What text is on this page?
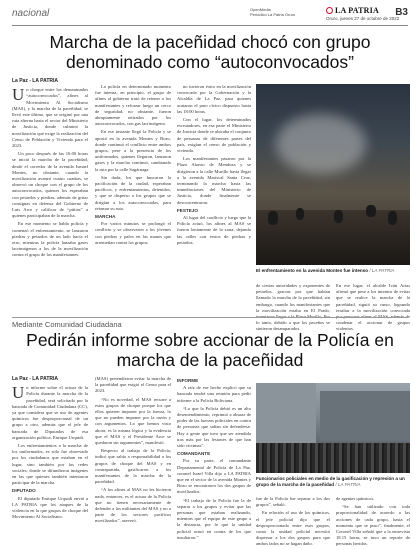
nacional	OpenMedia
Periódico La Patria Oruro	LA PATRIA
Oruro, jueves 27 de octubre de 2022
B3
Marcha de la paceñidad chocó con grupo denominado como “autoconvocados”
La Paz - LA PATRIA

Un choque entre los denominados “autoconvocados”, afines al Movimiento Al Socialismo (MAS), y la marcha de la paceñidad, se llevó este último, que se originó por una ruta alterna hasta el sector del Ministerio de Justicia, donde culminó la movilización que exige la realización del Censo de Población y Vivienda para el 2023.

Un poco después de las 16:00 horas se inició la marcha de la paceñidad, desde el corredor de la avenida Ismael Montes, no obstante, cuando la movilización avanzó cuatro cuadras, se observó un choque con el grupo de los autoconvocados, quienes los esperaban con petardos y piedras, además de gritar consignas en defensa del Gobierno de Luis Arce y calificar de “pititas” a quienes participaban de la marcha.

En ese momento se habla policía y comenzó el enfrentamiento, se lanzaron piedras y petardos de un lado hacia el otro, mientras la policía lanzaba gases lacrimógenos a los de la movilización contra el grupo de los manifestantes.

La policía en determinado momento fue intensa, en principio, el grupo de afines al gobierno trató de retener a los manifestantes y reforzar luego un cerco de seguridad, no obstante, fueron abruptamente retirados por los autoconvocados, con gas lacrimógeno.

En ese instante llegó la Policía y se apostó en la avenida Montes y Bozo, donde continuó el conflicto entre ambos grupos, pese a la presencia de los uniformados, quienes llegaron, lanzaron gases y la marcha continuó, cambiando la ruta por la calle Sagárnaga.

Sin duda, los que buscaron la pacificación de la ciudad, esperaban pacíficos, y enfrentamientos, detenidos, y que se disperso a los grupos que se dirigían a los autoconvocados, para retomar su ruta.

MARCHA

Por varios minutos se prolongó el conflicto y se observaron a los jóvenes con piedras y palos en las manos que arremetían contra los grupos.

no tuvieron éxito en la movilización convocada por la Gobernación y la Alcaldía de La Paz, para quienes acataron el paro cívico dispuesto hasta las 18:00 horas.

Con el lugar, los determinados escrutadores, en esa parte el Ministerio de Justicia donde se ubicaba el conjunto de personas de diferentes partes del país, exigían el censo de población y vivienda.

Los manifestantes pasaron por la Plaza Alonso de Mendoza y se dirigieron a la calle Murillo hasta llegar a la avenida Mariscal Santa Cruz, terminando la marcha hasta las inmediaciones del Ministerio de Justicia, donde finalmente se desconcentraron.

FESTEJO

Al lugar del conflicto y luego que la Policía actuó, los afines al MAS se fueron lentamente de la zona, dejando las calles con restos de piedras y petardos.

El enfrentamiento en la avenida Montes fue intenso / LA PATRIA

de ciertas autoridades y exponentes de petardos, gracias por que habían llamado la marcha de la paceñidad, sin embargo, cuando los manifestantes que la movilización estaba en El Prado, intentaron llegar a la Plaza Murillo, Por lo tanto, debido a que los paceños se sintieron desamparados.

En ese lugar, el alcalde Iván Arias afirmó que pese a los intentos de evitar que se realice la marcha de la paceñidad, siguió su curso, logrando resaltar a la movilización convocada por personas afines al MAS, además de condenar el accionar de grupos violentos.

Mediante Comunidad Ciudadana
Pedirán informe sobre accionar de la Policía en marcha de la paceñidad
La Paz - LA PATRIA

Un informe sobre el actuar de la Policía durante la marcha de la paceñidad, será solicitado por la bancada de Comunidad Ciudadana (CC), ya que considera que se uso de agentes químicos fue desproporcional de un grupo a otro, además que el jefe de bancada de Diputados de esa organización política, Enrique Urquidi.

Los enfrentamientos a la marcha de los uniformados, es sólo fue observado por los ciudadanos que estaban en el lugar, sino también por las redes sociales, donde se difundieron imágenes en las que quienes también intentaron participar de la marcha.

DIPUTADO

El diputado Enrique Urquidi envió a LA PATRIA que los ataques de la violencia en la que grupos de choque del Movimiento Al Socialismo.

(MAS) pretendieron evitar la marcha de la paceñidad que exigió el Censo para el 2023.

“No es novedad, el MAS recurre a estos grupos de choque porque los que ellos quieren imponer por la fuerza, lo que no pueden imponer por la razón y con argumentos. Lo que hemos visto ahora, es la misma lógica y la evidencia que el MAS y el Presidente Arce se quedaron sin argumentos”, manifestó.

Respecto al trabajo de la Policía, indicó que sabía a responsabilidad a los grupos de choque del MAS y en contrapartida, gasificaron a los manifestantes de la marcha de la paceñidad.

“A los afines al MAS no les hicieron nada, entonces, es el actuar de la Policía que no tienen necesariamente de defender a los militantes del MAS y no a parte de los sectores pacíficos movilizados”, aseveró.

INFORME

A raíz de ese hecho explicó que su bancada tendrá una reunión para pedir informe a la Policía Boliviana.

“Lo que la Policía debió es un alto desentendimiento, reprimió a abusar de poder de las fuerzas policiales en contra de personas que salían sin defenderse. Hay a gente que tuvo que ser atendida tras más por las lesiones de que han sido víctimas”.

COMANDANTE

Por su parte, el comandante Departamental de Policía de La Paz, coronel Israel Villa dijo a LA PATRIA que en el sector de la avenida Montes y Bozo se encontraron los dos grupos de movilizados.

“El trabajo de la Policía fue la de separar a los grupos y evitar que las personas que estaban realizando, mientras que el equipo de este grupo a la distancia, por lo que la unidad policial actuó en contra de los que insultaron.”

Funcionarios policiales en medio de la gasificación y represión a un grupo de la marcha de la paceñidad / LA PATRIA

fue de la Policía fue separar a los dos grupos”, señaló.

En relación al uso de los químicos, el jefe policial dijo que el desproporcionado entre esos grupos, como la unidad policial necesitó dispersar a los dos grupos para que ambos lados no se hagan daño.

de agentes químicos.

“Se han utilizado con toda proporcionalidad de acuerdo a las acciones de cada grupo, hasta el momento que se puso”, finalmente, el Coronel Villa señaló que a la entrevista 18.15 horas, se tuvo un reporte de personas heridas.
